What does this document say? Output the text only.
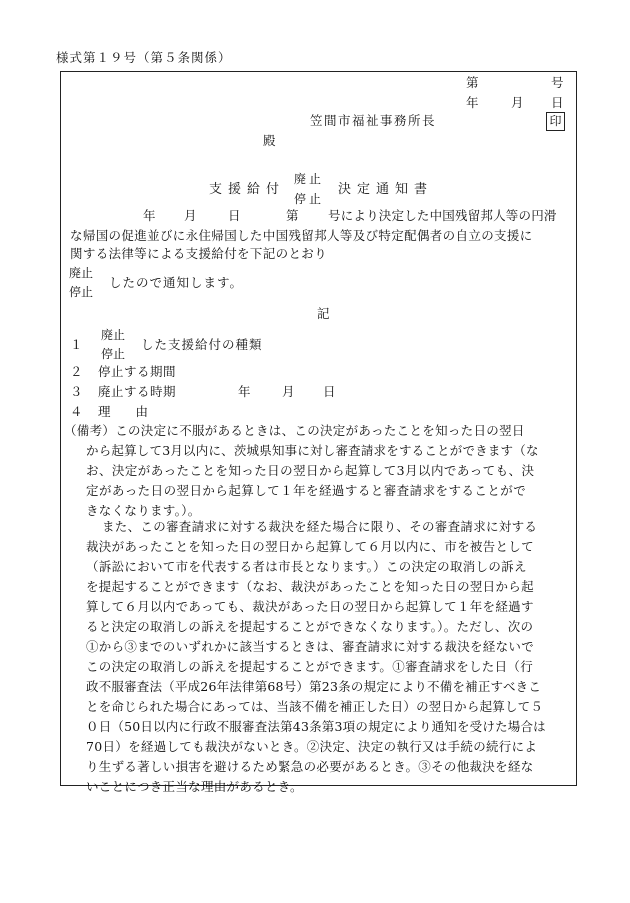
様式第１９号（第５条関係）
第	号
年	月 日
笠間市福祉事務所長	印
殿
支援給付
廃止
停止
決定通知書
年 月	日	第 号により決定した中国残留邦人等の円滑
な帰国の促進並びに永住帰国した中国残留邦人等及び特定配偶者の自立の支援に
関する法律等による支援給付を下記のとおり
廃止
停止
したので通知します。
記
１
廃止
停止
した支援給付の種類
２ 停止する期間
３ 廃止する時期	年	月 日
４ 理　　由
（備考）この決定に不服があるときは、この決定があったことを知った日の翌日
から起算して3月以内に、茨城県知事に対し審査請求をすることができます（な
お、決定があったことを知った日の翌日から起算して3月以内であっても、決
定があった日の翌日から起算して１年を経過すると審査請求をすることがで
きなくなります。）。
また、この審査請求に対する裁決を経た場合に限り、その審査請求に対する
裁決があったことを知った日の翌日から起算して６月以内に、市を被告として
（訴訟において市を代表する者は市長となります。）この決定の取消しの訴え
を提起することができます（なお、裁決があったことを知った日の翌日から起
算して６月以内であっても、裁決があった日の翌日から起算して１年を経過す
ると決定の取消しの訴えを提起することができなくなります。）。ただし、次の
①から③までのいずれかに該当するときは、審査請求に対する裁決を経ないで
この決定の取消しの訴えを提起することができます。①審査請求をした日（行
政不服審査法（平成26年法律第68号）第23条の規定により不備を補正すべきこ
とを命じられた場合にあっては、当該不備を補正した日）の翌日から起算して５
０日（50日以内に行政不服審査法第43条第3項の規定により通知を受けた場合は
70日）を経過しても裁決がないとき。②決定、決定の執行又は手続の続行によ
り生ずる著しい損害を避けるため緊急の必要があるとき。③その他裁決を経な
いことにつき正当な理由があるとき。
